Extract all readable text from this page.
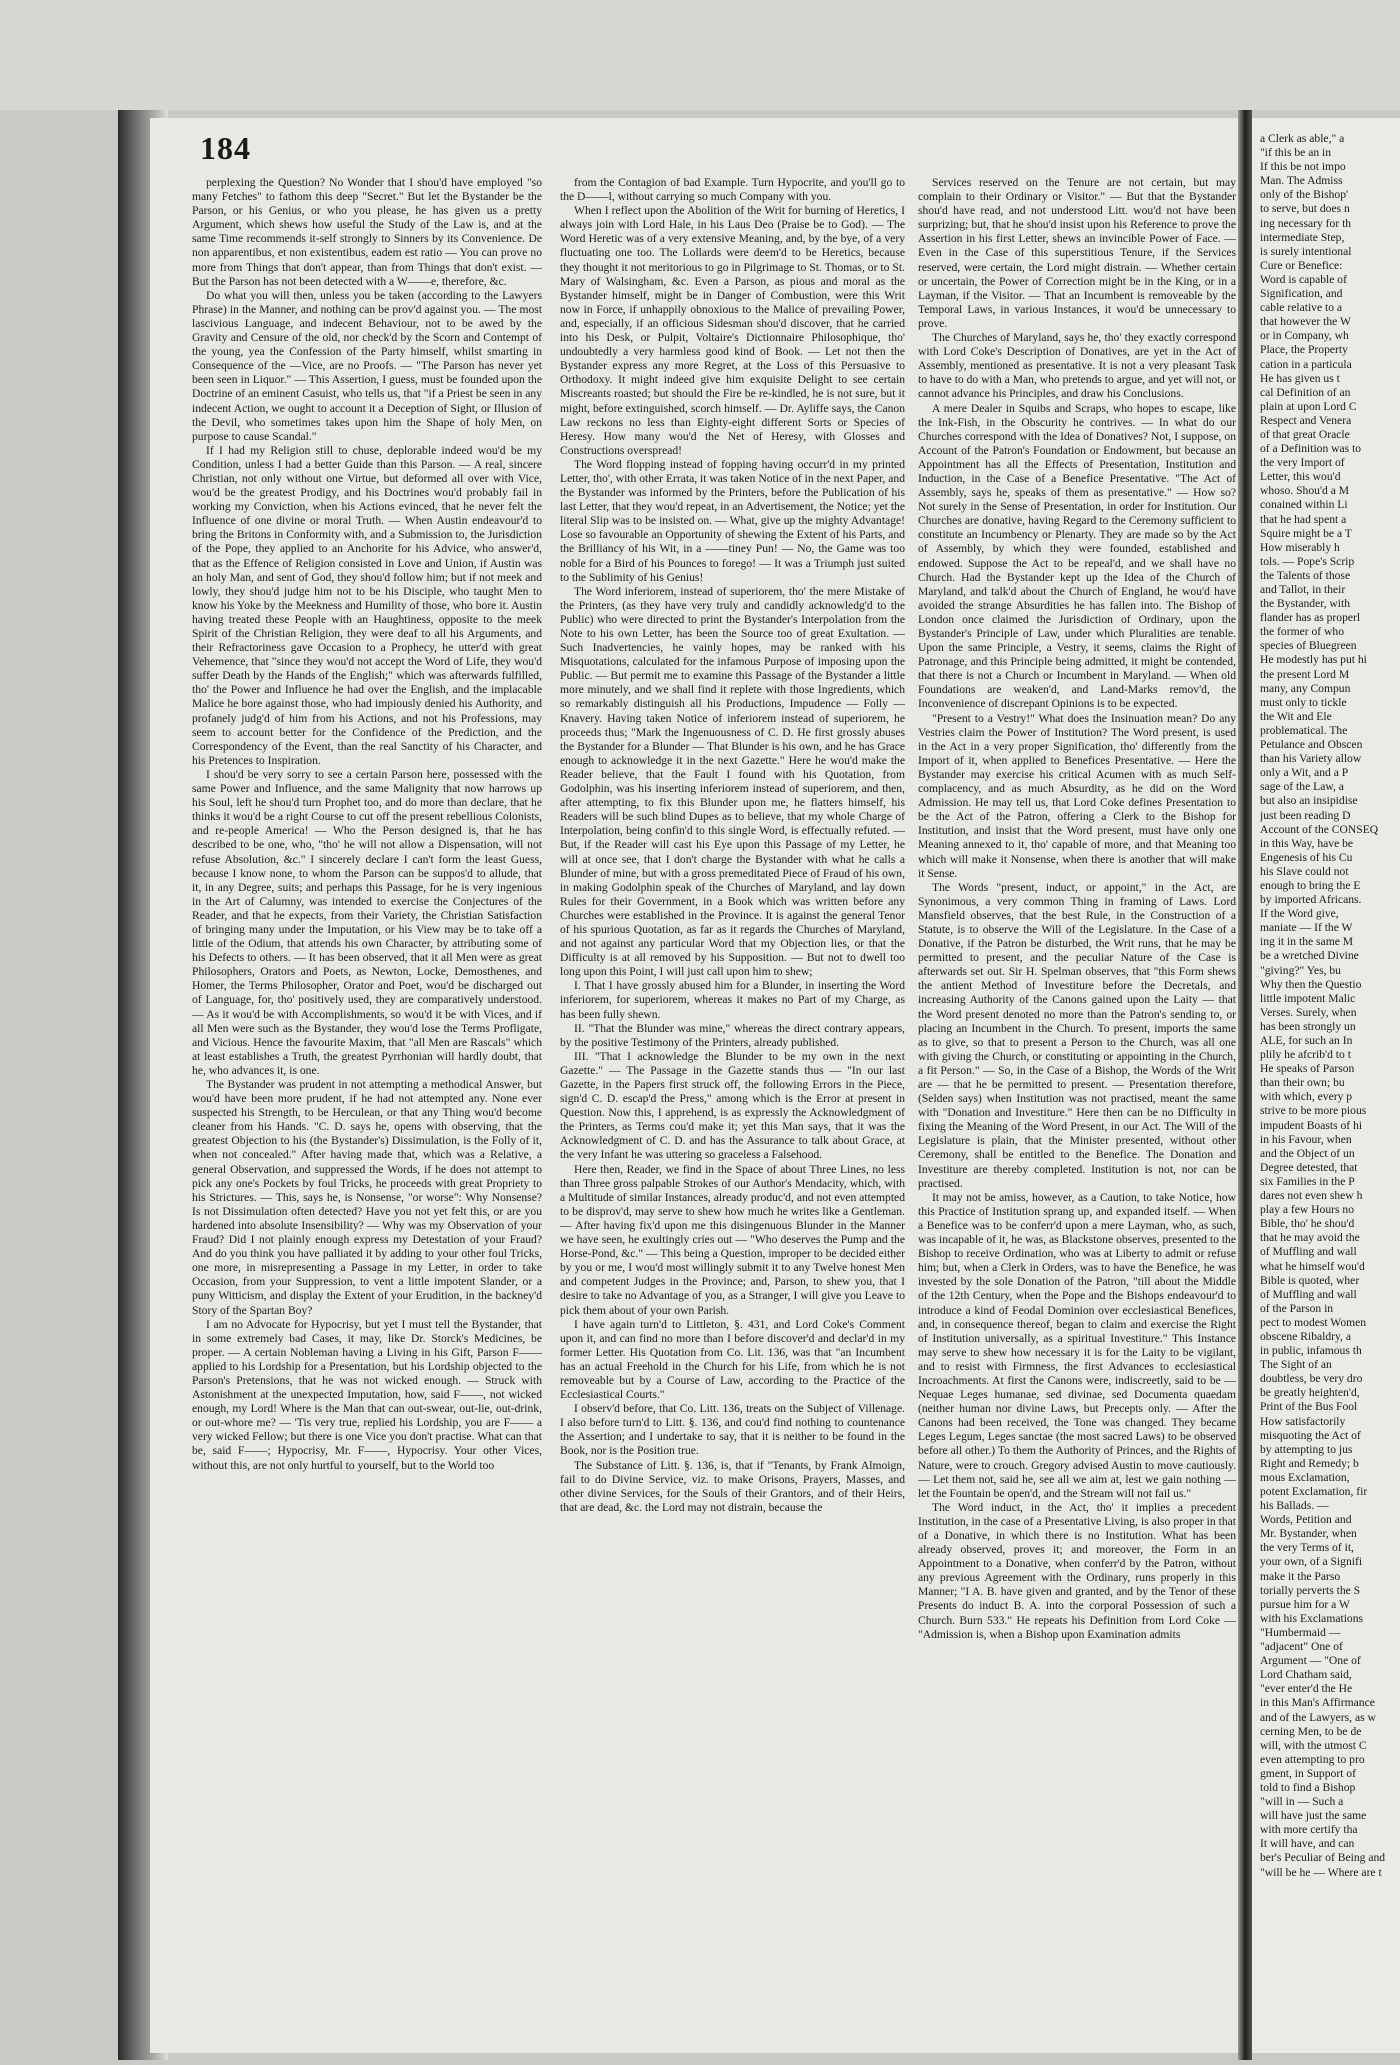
184

perplexing the Question? No Wonder that I shou'd have employed "so many Fetches" to fathom this deep "Secret." But let the Bystander be the Parson, or his Genius, or who you please, he has given us a pretty Argument, which shews how useful the Study of the Law is, and at the same Time recommends it-self strongly to Sinners by its Convenience. De non apparentibus, et non existentibus, eadem est ratio — You can prove no more from Things that don't appear, than from Things that don't exist. — But the Parson has not been detected with a W——e, therefore, &c.

Do what you will then, unless you be taken (according to the Lawyers Phrase) in the Manner, and nothing can be prov'd against you. — The most lascivious Language, and indecent Behaviour, not to be awed by the Gravity and Censure of the old, nor check'd by the Scorn and Contempt of the young, yea the Confession of the Party himself, whilst smarting in Consequence of the —Vice, are no Proofs. — "The Parson has never yet been seen in Liquor." — This Assertion, I guess, must be founded upon the Doctrine of an eminent Casuist, who tells us, that "if a Priest be seen in any indecent Action, we ought to account it a Deception of Sight, or Illusion of the Devil, who sometimes takes upon him the Shape of holy Men, on purpose to cause Scandal."

If I had my Religion still to chuse, deplorable indeed wou'd be my Condition, unless I had a better Guide than this Parson. — A real, sincere Christian, not only without one Virtue, but deformed all over with Vice, wou'd be the greatest Prodigy, and his Doctrines wou'd probably fail in working my Conviction, when his Actions evinced, that he never felt the Influence of one divine or moral Truth. — When Austin endeavour'd to bring the Britons in Conformity with, and a Submission to, the Jurisdiction of the Pope, they applied to an Anchorite for his Advice, who answer'd, that as the Effence of Religion consisted in Love and Union, if Austin was an holy Man, and sent of God, they shou'd follow him; but if not meek and lowly, they shou'd judge him not to be his Disciple, who taught Men to know his Yoke by the Meekness and Humility of those, who bore it. Austin having treated these People with an Haughtiness, opposite to the meek Spirit of the Christian Religion, they were deaf to all his Arguments, and their Refractoriness gave Occasion to a Prophecy, he utter'd with great Vehemence, that "since they wou'd not accept the Word of Life, they wou'd suffer Death by the Hands of the English;" which was afterwards fulfilled, tho' the Power and Influence he had over the English, and the implacable Malice he bore against those, who had impiously denied his Authority, and profanely judg'd of him from his Actions, and not his Professions, may seem to account better for the Confidence of the Prediction, and the Correspondency of the Event, than the real Sanctity of his Character, and his Pretences to Inspiration.

I shou'd be very sorry to see a certain Parson here, possessed with the same Power and Influence, and the same Malignity that now harrows up his Soul, left he shou'd turn Prophet too, and do more than declare, that he thinks it wou'd be a right Course to cut off the present rebellious Colonists, and re-people America! — Who the Person designed is, that he has described to be one, who, "tho' he will not allow a Dispensation, will not refuse Absolution, &c." I sincerely declare I can't form the least Guess, because I know none, to whom the Parson can be suppos'd to allude, that it, in any Degree, suits; and perhaps this Passage, for he is very ingenious in the Art of Calumny, was intended to exercise the Conjectures of the Reader, and that he expects, from their Variety, the Christian Satisfaction of bringing many under the Imputation, or his View may be to take off a little of the Odium, that attends his own Character, by attributing some of his Defects to others. — It has been observed, that it all Men were as great Philosophers, Orators and Poets, as Newton, Locke, Demosthenes, and Homer, the Terms Philosopher, Orator and Poet, wou'd be discharged out of Language, for, tho' positively used, they are comparatively understood. — As it wou'd be with Accomplishments, so wou'd it be with Vices, and if all Men were such as the Bystander, they wou'd lose the Terms Profligate, and Vicious. Hence the favourite Maxim, that "all Men are Rascals" which at least establishes a Truth, the greatest Pyrrhonian will hardly doubt, that he, who advances it, is one.

The Bystander was prudent in not attempting a methodical Answer, but wou'd have been more prudent, if he had not attempted any. None ever suspected his Strength, to be Herculean, or that any Thing wou'd become cleaner from his Hands. "C. D. says he, opens with observing, that the greatest Objection to his (the Bystander's) Dissimulation, is the Folly of it, when not concealed." After having made that, which was a Relative, a general Observation, and suppressed the Words, if he does not attempt to pick any one's Pockets by foul Tricks, he proceeds with great Propriety to his Strictures. — This, says he, is Nonsense, "or worse": Why Nonsense? Is not Dissimulation often detected? Have you not yet felt this, or are you hardened into absolute Insensibility? — Why was my Observation of your Fraud? Did I not plainly enough express my Detestation of your Fraud? And do you think you have palliated it by adding to your other foul Tricks, one more, in misrepresenting a Passage in my Letter, in order to take Occasion, from your Suppression, to vent a little impotent Slander, or a puny Witticism, and display the Extent of your Erudition, in the backney'd Story of the Spartan Boy?

I am no Advocate for Hypocrisy, but yet I must tell the Bystander, that in some extremely bad Cases, it may, like Dr. Storck's Medicines, be proper. — A certain Nobleman having a Living in his Gift, Parson F—— applied to his Lordship for a Presentation, but his Lordship objected to the Parson's Pretensions, that he was not wicked enough. — Struck with Astonishment at the unexpected Imputation, how, said F——, not wicked enough, my Lord! Where is the Man that can out-swear, out-lie, out-drink, or out-whore me? — 'Tis very true, replied his Lordship, you are F—— a very wicked Fellow; but there is one Vice you don't practise. What can that be, said F——; Hypocrisy, Mr. F——, Hypocrisy. Your other Vices, without this, are not only hurtful to yourself, but to the World too

from the Contagion of bad Example. Turn Hypocrite, and you'll go to the D——l, without carrying so much Company with you.

When I reflect upon the Abolition of the Writ for burning of Heretics, I always join with Lord Hale, in his Laus Deo (Praise be to God). — The Word Heretic was of a very extensive Meaning, and, by the bye, of a very fluctuating one too. The Lollards were deem'd to be Heretics, because they thought it not meritorious to go in Pilgrimage to St. Thomas, or to St. Mary of Walsingham, &c. Even a Parson, as pious and moral as the Bystander himself, might be in Danger of Combustion, were this Writ now in Force, if unhappily obnoxious to the Malice of prevailing Power, and, especially, if an officious Sidesman shou'd discover, that he carried into his Desk, or Pulpit, Voltaire's Dictionnaire Philosophique, tho' undoubtedly a very harmless good kind of Book. — Let not then the Bystander express any more Regret, at the Loss of this Persuasive to Orthodoxy. It might indeed give him exquisite Delight to see certain Miscreants roasted; but should the Fire be re-kindled, he is not sure, but it might, before extinguished, scorch himself. — Dr. Ayliffe says, the Canon Law reckons no less than Eighty-eight different Sorts or Species of Heresy. How many wou'd the Net of Heresy, with Glosses and Constructions overspread!

The Word flopping instead of fopping having occurr'd in my printed Letter, tho', with other Errata, it was taken Notice of in the next Paper, and the Bystander was informed by the Printers, before the Publication of his last Letter, that they wou'd repeat, in an Advertisement, the Notice; yet the literal Slip was to be insisted on. — What, give up the mighty Advantage! Lose so favourable an Opportunity of shewing the Extent of his Parts, and the Brilliancy of his Wit, in a ——tiney Pun! — No, the Game was too noble for a Bird of his Pounces to forego! — It was a Triumph just suited to the Sublimity of his Genius!

The Word inferiorem, instead of superiorem, tho' the mere Mistake of the Printers, (as they have very truly and candidly acknowledg'd to the Public) who were directed to print the Bystander's Interpolation from the Note to his own Letter, has been the Source too of great Exultation. — Such Inadvertencies, he vainly hopes, may be ranked with his Misquotations, calculated for the infamous Purpose of imposing upon the Public. — But permit me to examine this Passage of the Bystander a little more minutely, and we shall find it replete with those Ingredients, which so remarkably distinguish all his Productions, Impudence — Folly — Knavery. Having taken Notice of inferiorem instead of superiorem, he proceeds thus; "Mark the Ingenuousness of C. D. He first grossly abuses the Bystander for a Blunder — That Blunder is his own, and he has Grace enough to acknowledge it in the next Gazette." Here he wou'd make the Reader believe, that the Fault I found with his Quotation, from Godolphin, was his inserting inferiorem instead of superiorem, and then, after attempting, to fix this Blunder upon me, he flatters himself, his Readers will be such blind Dupes as to believe, that my whole Charge of Interpolation, being confin'd to this single Word, is effectually refuted. — But, if the Reader will cast his Eye upon this Passage of my Letter, he will at once see, that I don't charge the Bystander with what he calls a Blunder of mine, but with a gross premeditated Piece of Fraud of his own, in making Godolphin speak of the Churches of Maryland, and lay down Rules for their Government, in a Book which was written before any Churches were established in the Province. It is against the general Tenor of his spurious Quotation, as far as it regards the Churches of Maryland, and not against any particular Word that my Objection lies, or that the Difficulty is at all removed by his Supposition. — But not to dwell too long upon this Point, I will just call upon him to shew;

I. That I have grossly abused him for a Blunder, in inserting the Word inferiorem, for superiorem, whereas it makes no Part of my Charge, as has been fully shewn.

II. "That the Blunder was mine," whereas the direct contrary appears, by the positive Testimony of the Printers, already published.

III. "That I acknowledge the Blunder to be my own in the next Gazette." — The Passage in the Gazette stands thus — "In our last Gazette, in the Papers first struck off, the following Errors in the Piece, sign'd C. D. escap'd the Press," among which is the Error at present in Question. Now this, I apprehend, is as expressly the Acknowledgment of the Printers, as Terms cou'd make it; yet this Man says, that it was the Acknowledgment of C. D. and has the Assurance to talk about Grace, at the very Infant he was uttering so graceless a Falsehood.

Here then, Reader, we find in the Space of about Three Lines, no less than Three gross palpable Strokes of our Author's Mendacity, which, with a Multitude of similar Instances, already produc'd, and not even attempted to be disprov'd, may serve to shew how much he writes like a Gentleman. — After having fix'd upon me this disingenuous Blunder in the Manner we have seen, he exultingly cries out — "Who deserves the Pump and the Horse-Pond, &c." — This being a Question, improper to be decided either by you or me, I wou'd most willingly submit it to any Twelve honest Men and competent Judges in the Province; and, Parson, to shew you, that I desire to take no Advantage of you, as a Stranger, I will give you Leave to pick them about of your own Parish.

I have again turn'd to Littleton, §. 431, and Lord Coke's Comment upon it, and can find no more than I before discover'd and declar'd in my former Letter. His Quotation from Co. Lit. 136, was that "an Incumbent has an actual Freehold in the Church for his Life, from which he is not removeable but by a Course of Law, according to the Practice of the Ecclesiastical Courts."

I observ'd before, that Co. Litt. 136, treats on the Subject of Villenage. I also before turn'd to Litt. §. 136, and cou'd find nothing to countenance the Assertion; and I undertake to say, that it is neither to be found in the Book, nor is the Position true.

The Substance of Litt. §. 136, is, that if "Tenants, by Frank Almoign, fail to do Divine Service, viz. to make Orisons, Prayers, Masses, and other divine Services, for the Souls of their Grantors, and of their Heirs, that are dead, &c. the Lord may not distrain, because the

Services reserved on the Tenure are not certain, but may complain to their Ordinary or Visitor." — But that the Bystander shou'd have read, and not understood Litt. wou'd not have been surprizing; but, that he shou'd insist upon his Reference to prove the Assertion in his first Letter, shews an invincible Power of Face. — Even in the Case of this superstitious Tenure, if the Services reserved, were certain, the Lord might distrain. — Whether certain or uncertain, the Power of Correction might be in the King, or in a Layman, if the Visitor. — That an Incumbent is removeable by the Temporal Laws, in various Instances, it wou'd be unnecessary to prove.

The Churches of Maryland, says he, tho' they exactly correspond with Lord Coke's Description of Donatives, are yet in the Act of Assembly, mentioned as presentative. It is not a very pleasant Task to have to do with a Man, who pretends to argue, and yet will not, or cannot advance his Principles, and draw his Conclusions.

A mere Dealer in Squibs and Scraps, who hopes to escape, like the Ink-Fish, in the Obscurity he contrives. — In what do our Churches correspond with the Idea of Donatives? Not, I suppose, on Account of the Patron's Foundation or Endowment, but because an Appointment has all the Effects of Presentation, Institution and Induction, in the Case of a Benefice Presentative. "The Act of Assembly, says he, speaks of them as presentative." — How so? Not surely in the Sense of Presentation, in order for Institution. Our Churches are donative, having Regard to the Ceremony sufficient to constitute an Incumbency or Plenarty. They are made so by the Act of Assembly, by which they were founded, established and endowed. Suppose the Act to be repeal'd, and we shall have no Church. Had the Bystander kept up the Idea of the Church of Maryland, and talk'd about the Church of England, he wou'd have avoided the strange Absurdities he has fallen into. The Bishop of London once claimed the Jurisdiction of Ordinary, upon the Bystander's Principle of Law, under which Pluralities are tenable. Upon the same Principle, a Vestry, it seems, claims the Right of Patronage, and this Principle being admitted, it might be contended, that there is not a Church or Incumbent in Maryland. — When old Foundations are weaken'd, and Land-Marks remov'd, the Inconvenience of discrepant Opinions is to be expected.

"Present to a Vestry!" What does the Insinuation mean? Do any Vestries claim the Power of Institution? The Word present, is used in the Act in a very proper Signification, tho' differently from the Import of it, when applied to Benefices Presentative. — Here the Bystander may exercise his critical Acumen with as much Self-complacency, and as much Absurdity, as he did on the Word Admission. He may tell us, that Lord Coke defines Presentation to be the Act of the Patron, offering a Clerk to the Bishop for Institution, and insist that the Word present, must have only one Meaning annexed to it, tho' capable of more, and that Meaning too which will make it Nonsense, when there is another that will make it Sense.

The Words "present, induct, or appoint," in the Act, are Synonimous, a very common Thing in framing of Laws. Lord Mansfield observes, that the best Rule, in the Construction of a Statute, is to observe the Will of the Legislature. In the Case of a Donative, if the Patron be disturbed, the Writ runs, that he may be permitted to present, and the peculiar Nature of the Case is afterwards set out. Sir H. Spelman observes, that "this Form shews the antient Method of Investiture before the Decretals, and increasing Authority of the Canons gained upon the Laity — that the Word present denoted no more than the Patron's sending to, or placing an Incumbent in the Church. To present, imports the same as to give, so that to present a Person to the Church, was all one with giving the Church, or constituting or appointing in the Church, a fit Person." — So, in the Case of a Bishop, the Words of the Writ are — that he be permitted to present. — Presentation therefore, (Selden says) when Institution was not practised, meant the same with "Donation and Investiture." Here then can be no Difficulty in fixing the Meaning of the Word Present, in our Act. The Will of the Legislature is plain, that the Minister presented, without other Ceremony, shall be entitled to the Benefice. The Donation and Investiture are thereby completed. Institution is not, nor can be practised.

It may not be amiss, however, as a Caution, to take Notice, how this Practice of Institution sprang up, and expanded itself. — When a Benefice was to be conferr'd upon a mere Layman, who, as such, was incapable of it, he was, as Blackstone observes, presented to the Bishop to receive Ordination, who was at Liberty to admit or refuse him; but, when a Clerk in Orders, was to have the Benefice, he was invested by the sole Donation of the Patron, "till about the Middle of the 12th Century, when the Pope and the Bishops endeavour'd to introduce a kind of Feodal Dominion over ecclesiastical Benefices, and, in consequence thereof, began to claim and exercise the Right of Institution universally, as a spiritual Investiture." This Instance may serve to shew how necessary it is for the Laity to be vigilant, and to resist with Firmness, the first Advances to ecclesiastical Incroachments. At first the Canons were, indiscreetly, said to be — Nequae Leges humanae, sed divinae, sed Documenta quaedam (neither human nor divine Laws, but Precepts only. — After the Canons had been received, the Tone was changed. They became Leges Legum, Leges sanctae (the most sacred Laws) to be observed before all other.) To them the Authority of Princes, and the Rights of Nature, were to crouch. Gregory advised Austin to move cautiously. — Let them not, said he, see all we aim at, lest we gain nothing — let the Fountain be open'd, and the Stream will not fail us."

The Word induct, in the Act, tho' it implies a precedent Institution, in the case of a Presentative Living, is also proper in that of a Donative, in which there is no Institution. What has been already observed, proves it; and moreover, the Form in an Appointment to a Donative, when conferr'd by the Patron, without any previous Agreement with the Ordinary, runs properly in this Manner; "I A. B. have given and granted, and by the Tenor of these Presents do induct B. A. into the corporal Possession of such a Church. Burn 533." He repeats his Definition from Lord Coke — "Admission is, when a Bishop upon Examination admits

a Clerk as able," a
"if this be an in
If this be not impo
Man. The Admiss
only of the Bishop'
to serve, but does n
ing necessary for th
intermediate Step,
is surely intentional
Cure or Benefice:
Word is capable of
Signification, and
cable relative to a
that however the W
or in Company, wh
Place, the Property
cation in a particula
He has given us t
cal Definition of an
plain at upon Lord C
Respect and Venera
of that great Oracle
of a Definition was to
the very Import of
Letter, this wou'd
whoso. Shou'd a M
conained within Li
that he had spent a
Squire might be a T
How miserably h
tols. — Pope's Scrip
the Talents of those
and Tallot, in their
the Bystander, with
flander has as properl
the former of who
species of Bluegreen
He modestly has put hi
the present Lord M
many, any Compun
must only to tickle
the Wit and Ele
problematical. The
Petulance and Obscen
than his Variety allow
only a Wit, and a P
sage of the Law, a
but also an insipidise
just been reading D
Account of the CONSEQ
in this Way, have be
Engenesis of his Cu
his Slave could not
enough to bring the E
by imported Africans.
If the Word give,
maniate — If the W
ing it in the same M
be a wretched Divine
"giving?" Yes, bu
Why then the Questio
little impotent Malic
Verses. Surely, when
has been strongly un
ALE, for such an In
plily he afcrib'd to t
He speaks of Parson
than their own; bu
with which, every p
strive to be more pious
impudent Boasts of hi
in his Favour, when
and the Object of un
Degree detested, that
six Families in the P
dares not even shew h
play a few Hours no
Bible, tho' he shou'd
that he may avoid the
of Muffling and wall
what he himself wou'd
Bible is quoted, wher
of Muffling and wall
of the Parson in
pect to modest Women
obscene Ribaldry, a
in public, infamous th
The Sight of an
doubtless, be very dro
be greatly heighten'd,
Print of the Bus Fool
How satisfactorily
misquoting the Act of
by attempting to jus
Right and Remedy; b
mous Exclamation,
potent Exclamation, fir
his Ballads. —
Words, Petition and
Mr. Bystander, when
the very Terms of it,
your own, of a Signifi
make it the Parso
torially perverts the S
pursue him for a W
with his Exclamations
"Humbermaid —
"adjacent" One of
Argument — "One of
Lord Chatham said,
"ever enter'd the He
in this Man's Affirmance
and of the Lawyers, as w
cerning Men, to be de
will, with the utmost C
even attempting to pro
gment, in Support of
told to find a Bishop
"will in — Such a
will have just the same
with more certify tha
It will have, and can
ber's Peculiar of Being and
"will be he — Where are t
